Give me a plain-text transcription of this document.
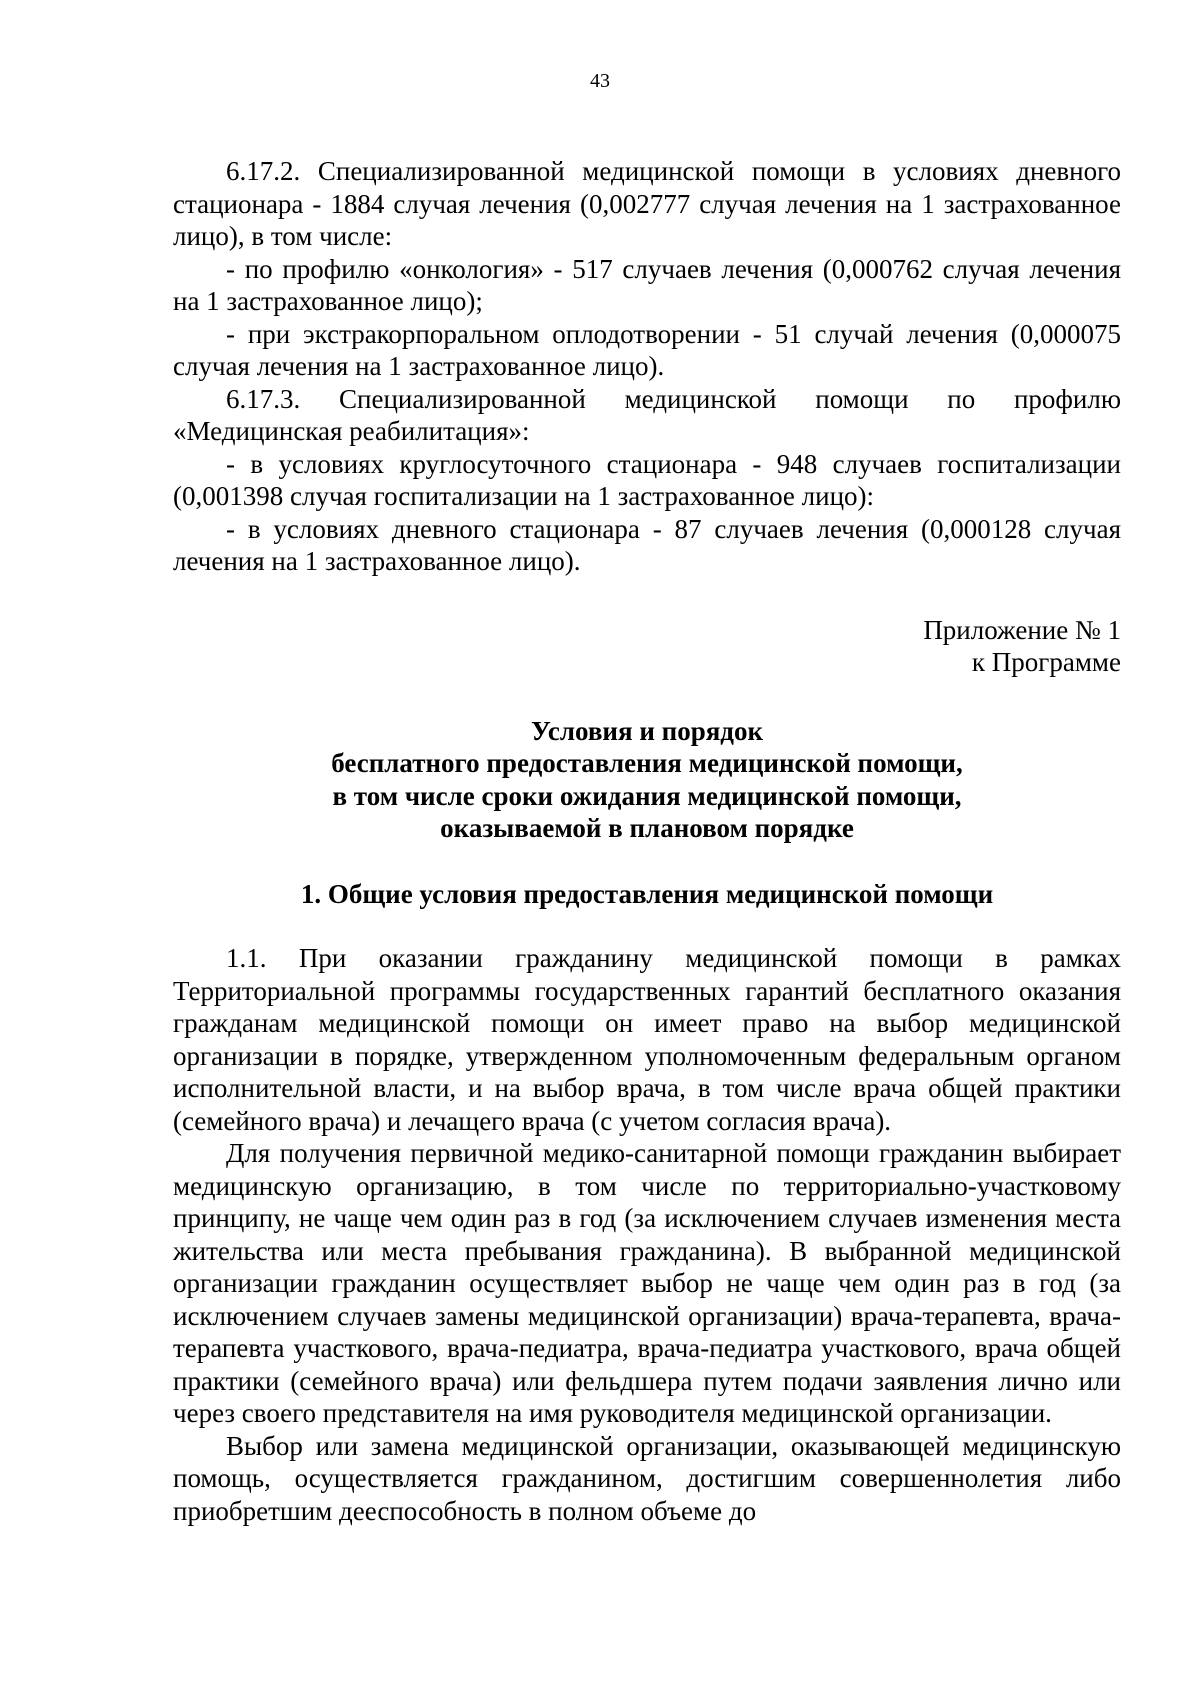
43

6.17.2. Специализированной медицинской помощи в условиях дневного стационара - 1884 случая лечения (0,002777 случая лечения на 1 застрахованное лицо), в том числе:

- по профилю «онкология» - 517 случаев лечения (0,000762 случая лечения на 1 застрахованное лицо);

- при экстракорпоральном оплодотворении - 51 случай лечения (0,000075 случая лечения на 1 застрахованное лицо).

6.17.3. Специализированной медицинской помощи по профилю «Медицинская реабилитация»:

- в условиях круглосуточного стационара - 948 случаев госпитализации (0,001398 случая госпитализации на 1 застрахованное лицо):

- в условиях дневного стационара - 87 случаев лечения (0,000128 случая лечения на 1 застрахованное лицо).

Приложение № 1
к Программе
Условия и порядок
бесплатного предоставления медицинской помощи,
в том числе сроки ожидания медицинской помощи,
оказываемой в плановом порядке
1. Общие условия предоставления медицинской помощи

1.1. При оказании гражданину медицинской помощи в рамках Территориальной программы государственных гарантий бесплатного оказания гражданам медицинской помощи он имеет право на выбор медицинской организации в порядке, утвержденном уполномоченным федеральным органом исполнительной власти, и на выбор врача, в том числе врача общей практики (семейного врача) и лечащего врача (с учетом согласия врача).

Для получения первичной медико-санитарной помощи гражданин выбирает медицинскую организацию, в том числе по территориально-участковому принципу, не чаще чем один раз в год (за исключением случаев изменения места жительства или места пребывания гражданина). В выбранной медицинской организации гражданин осуществляет выбор не чаще чем один раз в год (за исключением случаев замены медицинской организации) врача-терапевта, врача-терапевта участкового, врача-педиатра, врача-педиатра участкового, врача общей практики (семейного врача) или фельдшера путем подачи заявления лично или через своего представителя на имя руководителя медицинской организации.

Выбор или замена медицинской организации, оказывающей медицинскую помощь, осуществляется гражданином, достигшим совершеннолетия либо приобретшим дееспособность в полном объеме до
